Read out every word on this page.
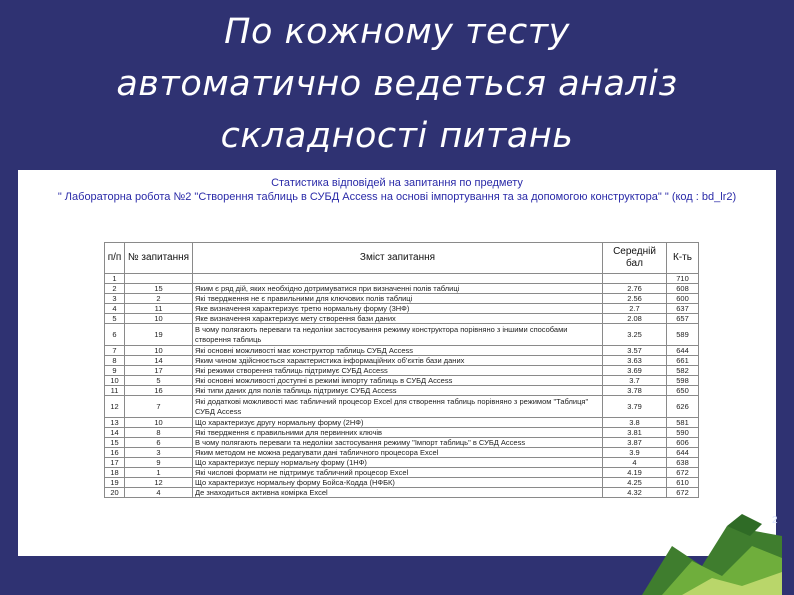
По кожному тесту
автоматично ведеться аналіз
складності питань
Статистика відповідей на запитання по предмету
" Лабораторна робота №2 "Створення таблиць в СУБД Access на основі імпортування та за допомогою конструктора" " (код : bd_lr2)
п/п	№ запитання	Зміст запитання	Середній бал	К-ть
1				710
2	15	Яким є ряд дій, яких необхідно дотримуватися при визначенні полів таблиці	2.76	608
3	2	Які твердження не є правильними для ключових полів таблиці	2.56	600
4	11	Яке визначення характеризує третю нормальну форму (3НФ)	2.7	637
5	10	Яке визначення характеризує мету створення бази даних	2.08	657
6	19	В чому полягають переваги та недоліки застосування режиму конструктора порівняно з іншими способами створення таблиць	3.25	589
7	10	Які основні можливості має конструктор таблиць СУБД Access	3.57	644
8	14	Яким чином здійснюється характеристика інформаційних об’єктів бази даних	3.63	661
9	17	Які режими створення таблиць підтримує СУБД Access	3.69	582
10	5	Які основні можливості доступні в режимі імпорту таблиць в СУБД Access	3.7	598
11	16	Які типи даних для полів таблиць підтримує СУБД Access	3.78	650
12	7	Які додаткові можливості має табличний процесор Excel для створення таблиць порівняно з режимом "Таблиця" СУБД Access	3.79	626
13	10	Що характеризує другу нормальну форму (2НФ)	3.8	581
14	8	Які твердження є правильними для первинних ключів	3.81	590
15	6	В чому полягають переваги та недоліки застосування режиму "Імпорт таблиць" в СУБД Access	3.87	606
16	3	Яким методом не можна редагувати дані табличного процесора Excel	3.9	644
17	9	Що характеризує першу нормальну форму (1НФ)	4	638
18	1	Які числові формати не підтримує табличний процесор Excel	4.19	672
19	12	Що характеризує нормальну форму Бойса-Кодда (НФБК)	4.25	610
20	4	Де знаходиться активна комірка Excel	4.32	672
2
